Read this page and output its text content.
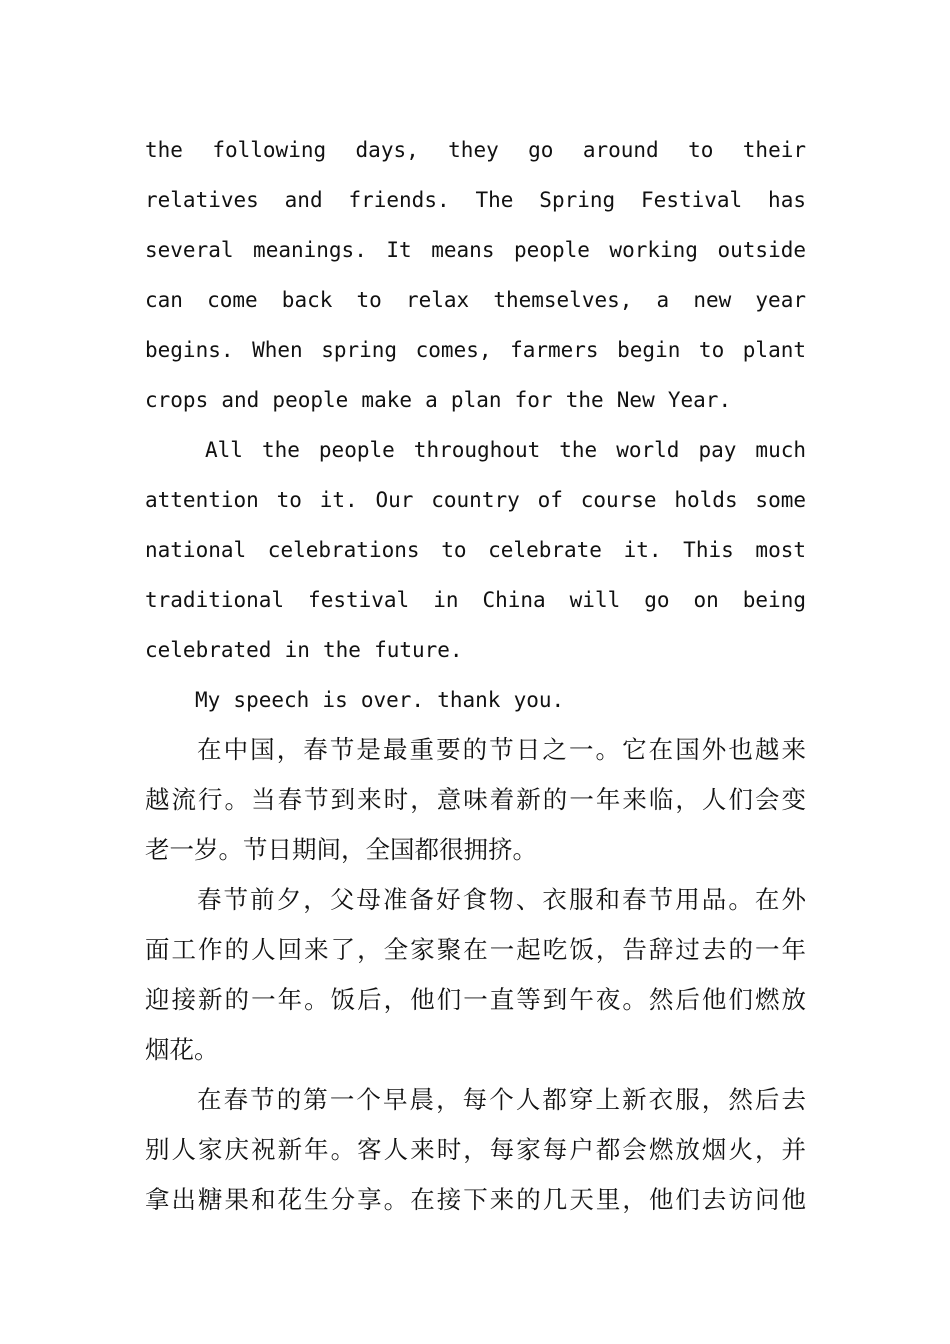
the following days, they go around to their
relatives and friends. The Spring Festival has
several meanings. It means people working outside
can come back to relax themselves, a new year
begins. When spring comes, farmers begin to plant
crops and people make a plan for the New Year.
All the people throughout the world pay much
attention to it. Our country of course holds some
national celebrations to celebrate it. This most
traditional festival in China will go on being
celebrated in the future.
My speech is over. thank you.
在中国，春节是最重要的节日之一。它在国外也越来
越流行。当春节到来时，意味着新的一年来临，人们会变
老一岁。节日期间，全国都很拥挤。
春节前夕，父母准备好食物、衣服和春节用品。在外
面工作的人回来了，全家聚在一起吃饭，告辞过去的一年
迎接新的一年。饭后，他们一直等到午夜。然后他们燃放
烟花。
在春节的第一个早晨，每个人都穿上新衣服，然后去
别人家庆祝新年。客人来时，每家每户都会燃放烟火，并
拿出糖果和花生分享。在接下来的几天里，他们去访问他
